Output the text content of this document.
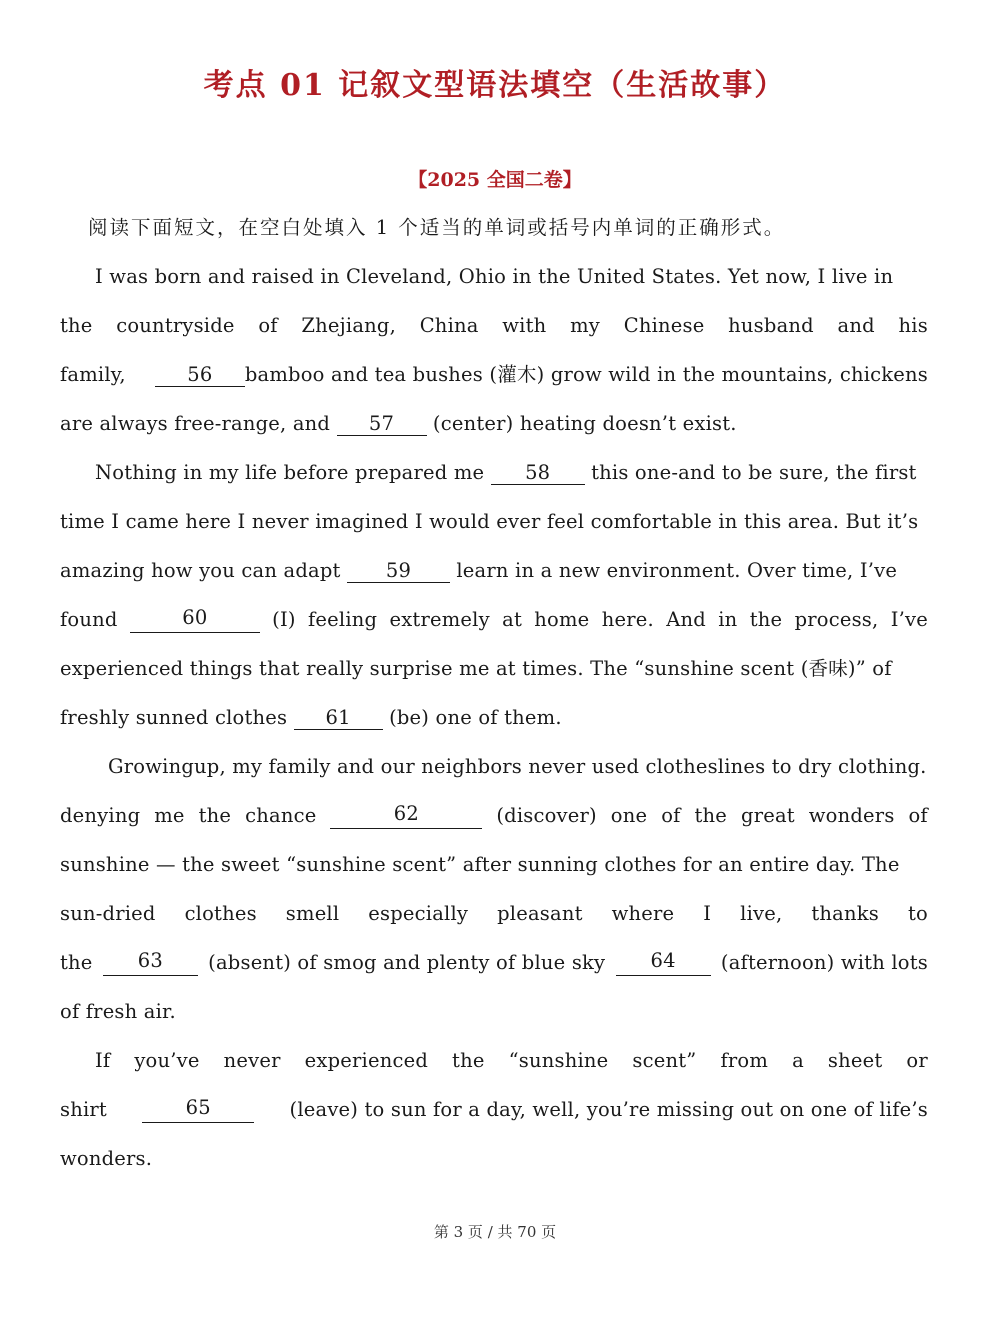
考点 01 记叙文型语法填空（生活故事）
【2025 全国二卷】
阅读下面短文，在空白处填入 1 个适当的单词或括号内单词的正确形式。
I was born and raised in Cleveland, Ohio in the United States. Yet now, I live in
the countryside of Zhejiang, China with my Chinese husband and his
family,	56 bamboo and tea bushes (灌木) grow wild in the mountains, chickens
are always free-range, and 57 (center) heating doesn’t exist.
Nothing in my life before prepared me 58 this one-and to be sure, the first
time I came here I never imagined I would ever feel comfortable in this area. But it’s
amazing how you can adapt 59 learn in a new environment. Over time, I’ve
found	60	(I) feeling extremely at home here. And in the process, I’ve
experienced things that really surprise me at times. The “sunshine scent (香味)” of
freshly sunned clothes 61 (be) one of them.
Growingup, my family and our neighbors never used clotheslines to dry clothing.
denying me the chance	62	(discover) one of the great wonders of
sunshine — the sweet “sunshine scent” after sunning clothes for an entire day. The
sun-dried clothes smell especially pleasant where I live, thanks to
the	63	(absent) of smog and plenty of blue sky	64	(afternoon) with lots
of fresh air.
If you’ve never experienced the “sunshine scent” from a sheet or
shirt	65	(leave) to sun for a day, well, you’re missing out on one of life’s
wonders.
第 3 页 / 共 70 页
